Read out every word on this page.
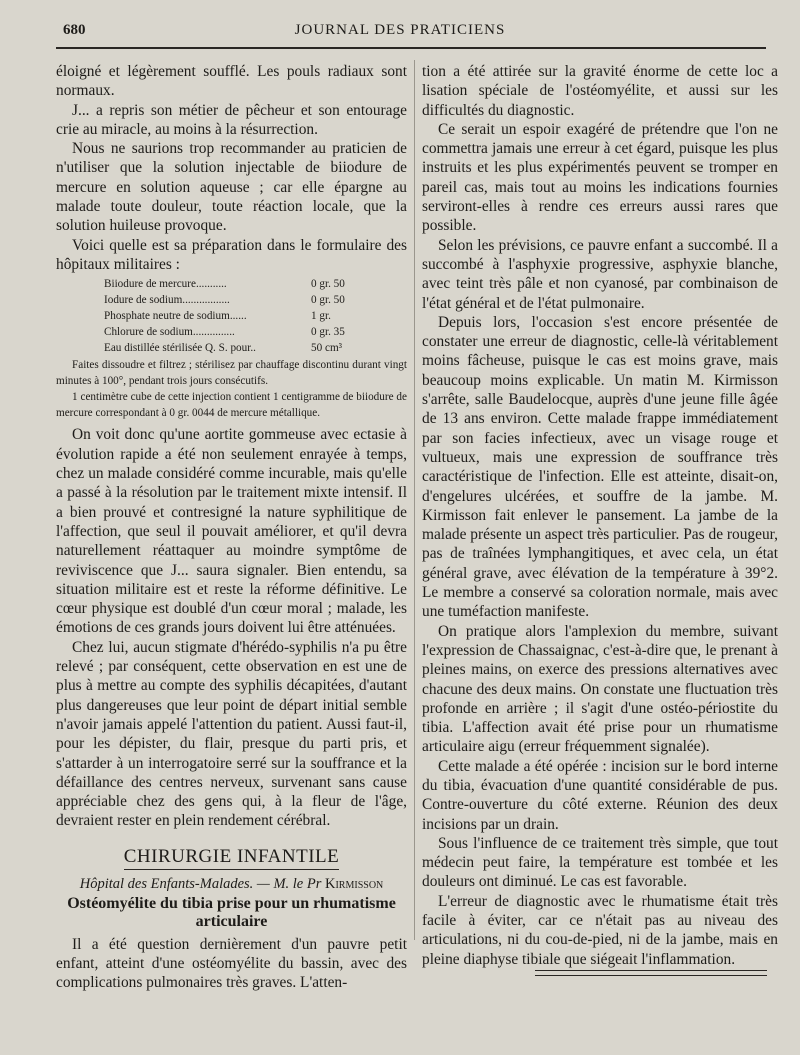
680	JOURNAL DES PRATICIENS

éloigné et légèrement soufflé. Les pouls radiaux sont normaux.

J... a repris son métier de pêcheur et son entourage crie au miracle, au moins à la résurrection.

Nous ne saurions trop recommander au praticien de n'utiliser que la solution injectable de biiodure de mercure en solution aqueuse ; car elle épargne au malade toute douleur, toute réaction locale, que la solution huileuse provoque.

Voici quelle est sa préparation dans le formulaire des hôpitaux militaires :

Biiodure de mercure...........	0 gr. 50
Iodure de sodium.................	0 gr. 50
Phosphate neutre de sodium......	1 gr.
Chlorure de sodium...............	0 gr. 35
Eau distillée stérilisée Q. S. pour..	50 cm³

Faites dissoudre et filtrez ; stérilisez par chauffage discontinu durant vingt minutes à 100°, pendant trois jours consécutifs.

1 centimètre cube de cette injection contient 1 centigramme de biiodure de mercure correspondant à 0 gr. 0044 de mercure métallique.

On voit donc qu'une aortite gommeuse avec ectasie à évolution rapide a été non seulement enrayée à temps, chez un malade considéré comme incurable, mais qu'elle a passé à la résolution par le traitement mixte intensif. Il a bien prouvé et contresigné la nature syphilitique de l'affection, que seul il pouvait améliorer, et qu'il devra naturellement réattaquer au moindre symptôme de reviviscence que J... saura signaler. Bien entendu, sa situation militaire est et reste la réforme définitive. Le cœur physique est doublé d'un cœur moral ; malade, les émotions de ces grands jours doivent lui être atténuées.

Chez lui, aucun stigmate d'hérédo-syphilis n'a pu être relevé ; par conséquent, cette observation en est une de plus à mettre au compte des syphilis décapitées, d'autant plus dangereuses que leur point de départ initial semble n'avoir jamais appelé l'attention du patient. Aussi faut-il, pour les dépister, du flair, presque du parti pris, et s'attarder à un interrogatoire serré sur la souffrance et la défaillance des centres nerveux, survenant sans cause appréciable chez des gens qui, à la fleur de l'âge, devraient rester en plein rendement cérébral.

CHIRURGIE INFANTILE
Hôpital des Enfants-Malades. — M. le Pr Kirmisson
Ostéomyélite du tibia prise pour un rhumatisme articulaire

Il a été question dernièrement d'un pauvre petit enfant, atteint d'une ostéomyélite du bassin, avec des complications pulmonaires très graves. L'atten-

tion a été attirée sur la gravité énorme de cette loc a lisation spéciale de l'ostéomyélite, et aussi sur les difficultés du diagnostic.

Ce serait un espoir exagéré de prétendre que l'on ne commettra jamais une erreur à cet égard, puisque les plus instruits et les plus expérimentés peuvent se tromper en pareil cas, mais tout au moins les indications fournies serviront-elles à rendre ces erreurs aussi rares que possible.

Selon les prévisions, ce pauvre enfant a succombé. Il a succombé à l'asphyxie progressive, asphyxie blanche, avec teint très pâle et non cyanosé, par combinaison de l'état général et de l'état pulmonaire.

Depuis lors, l'occasion s'est encore présentée de constater une erreur de diagnostic, celle-là véritablement moins fâcheuse, puisque le cas est moins grave, mais beaucoup moins explicable. Un matin M. Kirmisson s'arrête, salle Baudelocque, auprès d'une jeune fille âgée de 13 ans environ. Cette malade frappe immédiatement par son facies infectieux, avec un visage rouge et vultueux, mais une expression de souffrance très caractéristique de l'infection. Elle est atteinte, disait-on, d'engelures ulcérées, et souffre de la jambe. M. Kirmisson fait enlever le pansement. La jambe de la malade présente un aspect très particulier. Pas de rougeur, pas de traînées lymphangitiques, et avec cela, un état général grave, avec élévation de la température à 39°2. Le membre a conservé sa coloration normale, mais avec une tuméfaction manifeste.

On pratique alors l'amplexion du membre, suivant l'expression de Chassaignac, c'est-à-dire que, le prenant à pleines mains, on exerce des pressions alternatives avec chacune des deux mains. On constate une fluctuation très profonde en arrière ; il s'agit d'une ostéo-périostite du tibia. L'affection avait été prise pour un rhumatisme articulaire aigu (erreur fréquemment signalée).

Cette malade a été opérée : incision sur le bord interne du tibia, évacuation d'une quantité considérable de pus. Contre-ouverture du côté externe. Réunion des deux incisions par un drain.

Sous l'influence de ce traitement très simple, que tout médecin peut faire, la température est tombée et les douleurs ont diminué. Le cas est favorable.

L'erreur de diagnostic avec le rhumatisme était très facile à éviter, car ce n'était pas au niveau des articulations, ni du cou-de-pied, ni de la jambe, mais en pleine diaphyse tibiale que siégeait l'inflammation.
